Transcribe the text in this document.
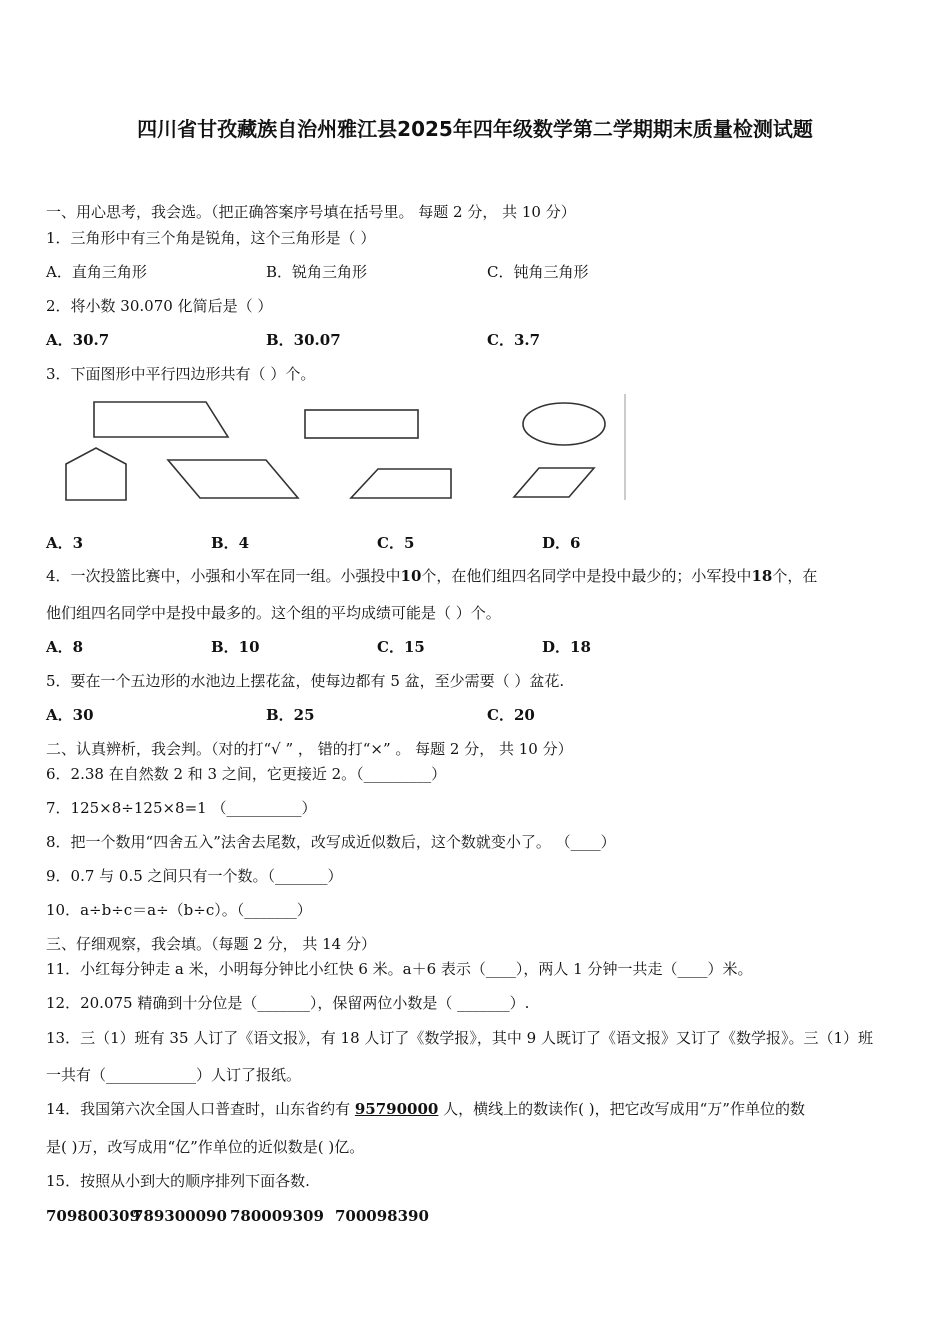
四川省甘孜藏族自治州雅江县2025年四年级数学第二学期期末质量检测试题
一、用心思考，我会选。（把正确答案序号填在括号里。 每题 2 分， 共 10 分）
1．三角形中有三个角是锐角，这个三角形是（ ）
A．直角三角形	B．锐角三角形	C．钝角三角形
2．将小数 30.070 化简后是（ ）
A．30.7	B．30.07	C．3.7
3．下面图形中平行四边形共有（ ）个。
A．3	B．4	C．5	D．6
4．一次投篮比赛中，小强和小军在同一组。小强投中10个，在他们组四名同学中是投中最少的；小军投中18个，在
他们组四名同学中是投中最多的。这个组的平均成绩可能是（ ）个。
A．8	B．10	C．15	D．18
5．要在一个五边形的水池边上摆花盆，使每边都有 5 盆，至少需要（ ）盆花.
A．30	B．25	C．20
二、认真辨析，我会判。（对的打“√ ” ， 错的打“×” 。 每题 2 分， 共 10 分）
6．2.38 在自然数 2 和 3 之间，它更接近 2。（_________）
7．125×8÷125×8=1 （__________）
8．把一个数用“四舍五入”法舍去尾数，改写成近似数后，这个数就变小了。 （____）
9．0.7 与 0.5 之间只有一个数。（_______）
10．a÷b÷c＝a÷（b÷c）。（_______）
三、仔细观察，我会填。（每题 2 分， 共 14 分）
11．小红每分钟走 a 米，小明每分钟比小红快 6 米。a＋6 表示（____），两人 1 分钟一共走（____）米。
12．20.075 精确到十分位是（_______），保留两位小数是（ _______）.
13．三（1）班有 35 人订了《语文报》，有 18 人订了《数学报》，其中 9 人既订了《语文报》又订了《数学报》。三（1）班
一共有（____________）人订了报纸。
14．我国第六次全国人口普查时，山东省约有 95790000 人，横线上的数读作( )，把它改写成用“万”作单位的数
是( )万，改写成用“亿”作单位的近似数是( )亿。
15．按照从小到大的顺序排列下面各数.
709800309
789300090 780009309 700098390
